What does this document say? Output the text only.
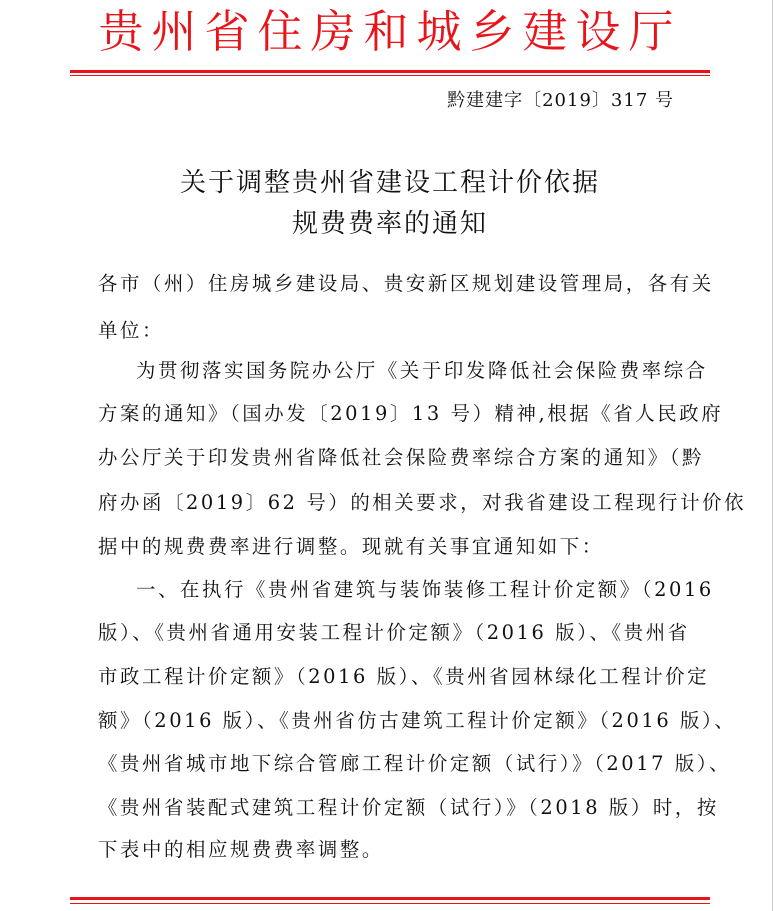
贵州省住房和城乡建设厅
黔建建字〔2019〕317 号
关于调整贵州省建设工程计价依据
规费费率的通知
各市（州）住房城乡建设局、贵安新区规划建设管理局，各有关
单位：
为贯彻落实国务院办公厅《关于印发降低社会保险费率综合
方案的通知》（国办发〔2019〕13 号）精神,根据《省人民政府
办公厅关于印发贵州省降低社会保险费率综合方案的通知》（黔
府办函〔2019〕62 号）的相关要求，对我省建设工程现行计价依
据中的规费费率进行调整。现就有关事宜通知如下：
一、在执行《贵州省建筑与装饰装修工程计价定额》（2016
版）、《贵州省通用安装工程计价定额》（2016 版）、《贵州省
市政工程计价定额》（2016 版）、《贵州省园林绿化工程计价定
额》（2016 版）、《贵州省仿古建筑工程计价定额》（2016 版）、
《贵州省城市地下综合管廊工程计价定额（试行）》（2017 版）、
《贵州省装配式建筑工程计价定额（试行）》（2018 版）时，按
下表中的相应规费费率调整。
